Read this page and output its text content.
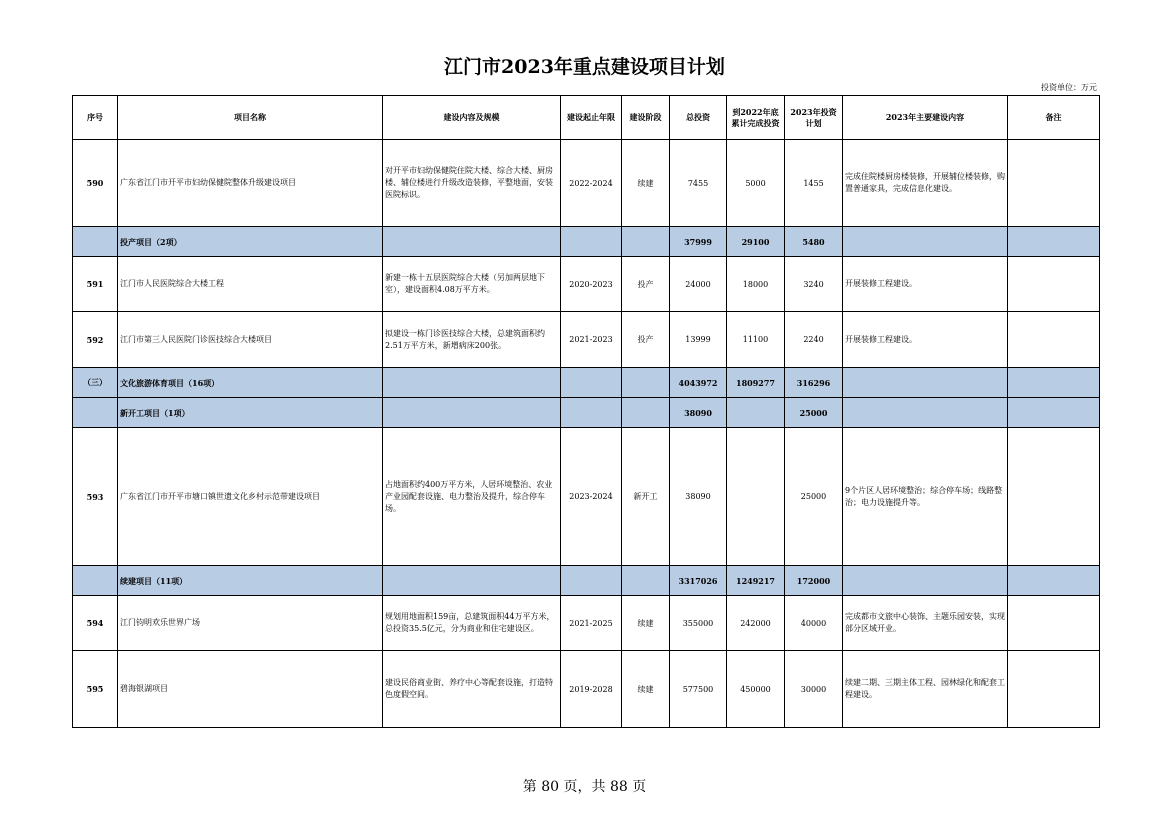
江门市2023年重点建设项目计划
投资单位：万元
序号	项目名称	建设内容及规模	建设起止年限	建设阶段	总投资	到2022年底累计完成投资	2023年投资计划	2023年主要建设内容	备注
590	广东省江门市开平市妇幼保健院整体升级建设项目	对开平市妇幼保健院住院大楼、综合大楼、厨房楼、辅位楼进行升级改造装修，平整地面，安装医院标识。	2022-2024	续建	7455	5000	1455	完成住院楼厨房楼装修，开展辅位楼装修，购置普通家具，完成信息化建设。	
	投产项目（2项）				37999	29100	5480		
591	江门市人民医院综合大楼工程	新建一栋十五层医院综合大楼（另加两层地下室），建设面积4.08万平方米。	2020-2023	投产	24000	18000	3240	开展装修工程建设。	
592	江门市第三人民医院门诊医技综合大楼项目	拟建设一栋门诊医技综合大楼，总建筑面积约2.51万平方米，新增病床200张。	2021-2023	投产	13999	11100	2240	开展装修工程建设。	
（三）	文化旅游体育项目（16项）				4043972	1809277	316296		
	新开工项目（1项）				38090		25000		
593	广东省江门市开平市塘口镇世遗文化乡村示范带建设项目	占地面积约400万平方米，人居环境整治、农业产业园配套设施、电力整治及提升，综合停车场。	2023-2024	新开工	38090		25000	9个片区人居环境整治；综合停车场；线路整治；电力设施提升等。	
	续建项目（11项）				3317026	1249217	172000		
594	江门钧明欢乐世界广场	规划用地面积159亩，总建筑面积44万平方米，总投资35.5亿元，分为商业和住宅建设区。	2021-2025	续建	355000	242000	40000	完成都市文旅中心装饰、主题乐园安装，实现部分区域开业。	
595	碧海银湖项目	建设民俗商业街、养疗中心等配套设施，打造特色度假空间。	2019-2028	续建	577500	450000	30000	续建二期、三期主体工程、园林绿化和配套工程建设。	
第 80 页，共 88 页
